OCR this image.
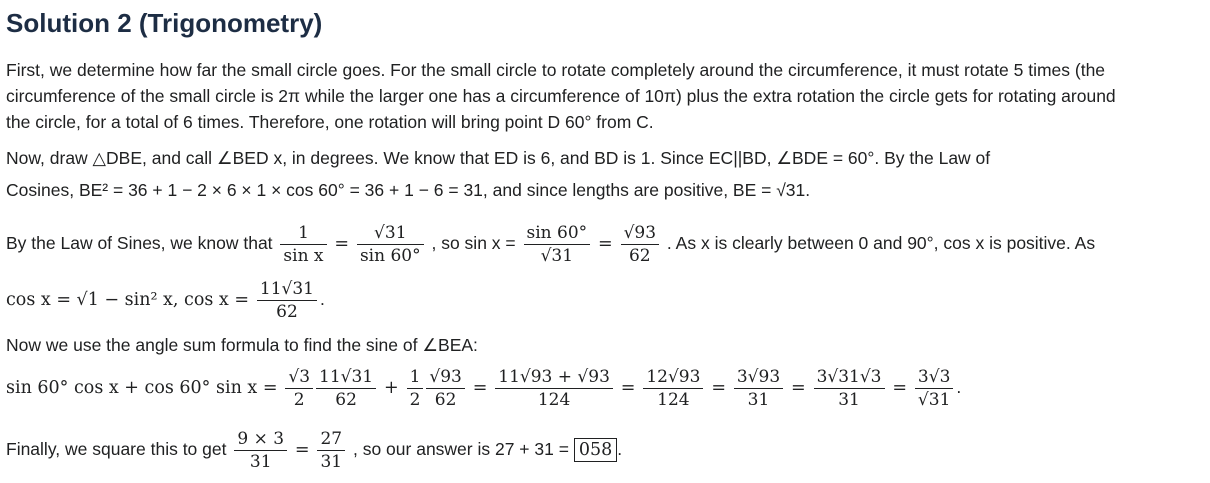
Solution 2 (Trigonometry)
First, we determine how far the small circle goes. For the small circle to rotate completely around the circumference, it must rotate 5 times (the
circumference of the small circle is 2π while the larger one has a circumference of 10π) plus the extra rotation the circle gets for rotating around
the circle, for a total of 6 times. Therefore, one rotation will bring point D 60° from C.
Now, draw △DBE, and call ∠BED x, in degrees. We know that ED is 6, and BD is 1. Since EC||BD, ∠BDE = 60°. By the Law of
Cosines, BE² = 36 + 1 − 2 × 6 × 1 × cos 60° = 36 + 1 − 6 = 31, and since lengths are positive, BE = √31.
By the Law of Sines, we know that $\frac{1}{\text{sin x}} = \frac{√31}{\sin 60^\circ}$ , so $\sin x = \frac{\sin 60^\circ}{√31} = \frac{√93}{62}$ . As x is clearly between 0 and 90°, cos x is positive. As
cos x = √1 − sin² x, $\cos x = \frac{11√31}{62}$ .
Now we use the angle sum formula to find the sine of ∠BEA:
sin 60° cos x + cos 60° $\sin x = \frac{√3}{2} \frac{11√31}{62} + \frac{1}{2} \frac{√93}{62} = \frac{11√93 + √93}{124} = \frac{12√93}{124} = \frac{3√93}{31} = \frac{3√31√3}{31} = \frac{3√3}{√31}$ .
Finally, we square this to get $\frac{9 \times 3}{31} = \frac{27}{31}$ , so our answer is 27 + 31 = 058 .
